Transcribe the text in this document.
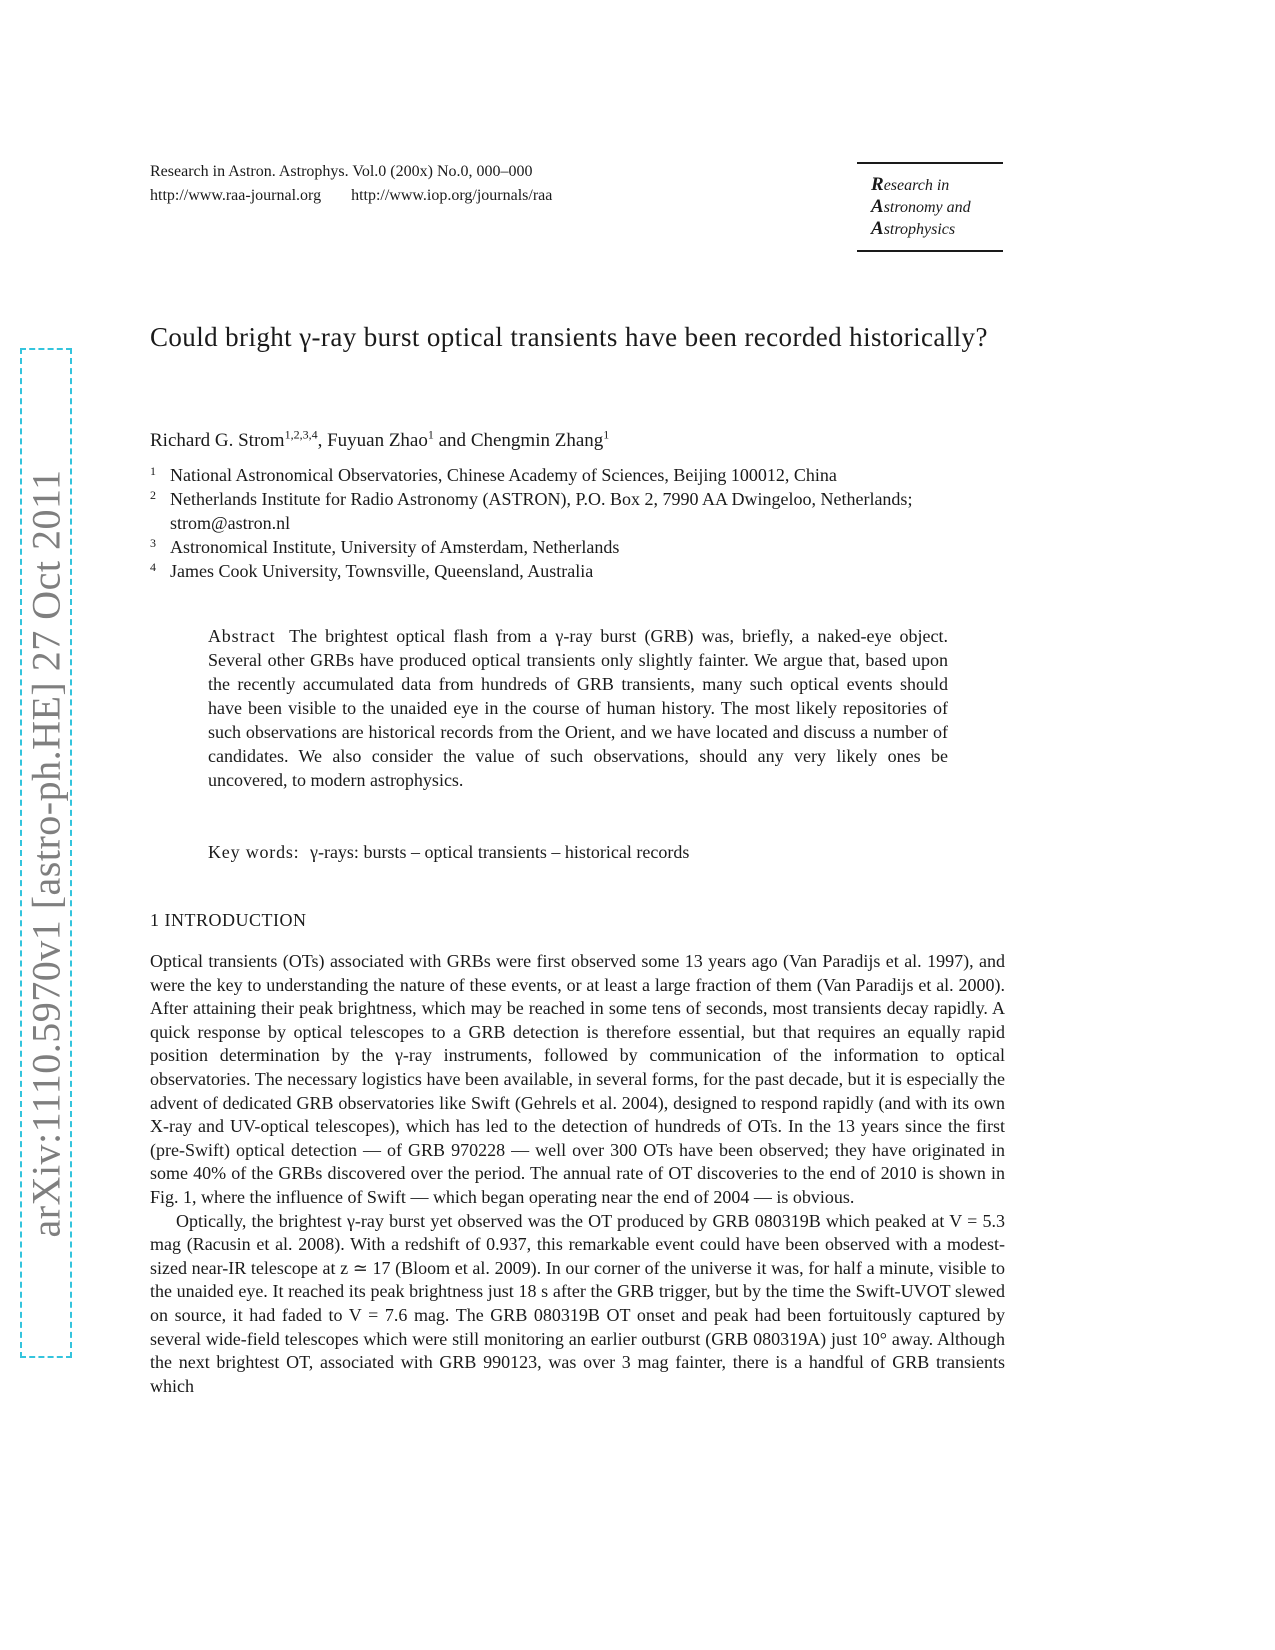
arXiv:1110.5970v1 [astro-ph.HE] 27 Oct 2011
Research in Astron. Astrophys. Vol.0 (200x) No.0, 000–000
http://www.raa-journal.org http://www.iop.org/journals/raa
Research in
Astronomy and
Astrophysics
Could bright γ-ray burst optical transients have been recorded historically?
Richard G. Strom$^{1,2,3,4}$, Fuyuan Zhao$^1$ and Chengmin Zhang$^1$
1 National Astronomical Observatories, Chinese Academy of Sciences, Beijing 100012, China
2 Netherlands Institute for Radio Astronomy (ASTRON), P.O. Box 2, 7990 AA Dwingeloo, Netherlands; strom@astron.nl
3 Astronomical Institute, University of Amsterdam, Netherlands
4 James Cook University, Townsville, Queensland, Australia

Abstract The brightest optical flash from a γ-ray burst (GRB) was, briefly, a naked-eye object. Several other GRBs have produced optical transients only slightly fainter. We argue that, based upon the recently accumulated data from hundreds of GRB transients, many such optical events should have been visible to the unaided eye in the course of human history. The most likely repositories of such observations are historical records from the Orient, and we have located and discuss a number of candidates. We also consider the value of such observations, should any very likely ones be uncovered, to modern astrophysics.

Key words: γ-rays: bursts – optical transients – historical records
1 INTRODUCTION

Optical transients (OTs) associated with GRBs were first observed some 13 years ago (Van Paradijs et al. 1997), and were the key to understanding the nature of these events, or at least a large fraction of them (Van Paradijs et al. 2000). After attaining their peak brightness, which may be reached in some tens of seconds, most transients decay rapidly. A quick response by optical telescopes to a GRB detection is therefore essential, but that requires an equally rapid position determination by the γ-ray instruments, followed by communication of the information to optical observatories. The necessary logistics have been available, in several forms, for the past decade, but it is especially the advent of dedicated GRB observatories like Swift (Gehrels et al. 2004), designed to respond rapidly (and with its own X-ray and UV-optical telescopes), which has led to the detection of hundreds of OTs. In the 13 years since the first (pre-Swift) optical detection — of GRB 970228 — well over 300 OTs have been observed; they have originated in some 40% of the GRBs discovered over the period. The annual rate of OT discoveries to the end of 2010 is shown in Fig. 1, where the influence of Swift — which began operating near the end of 2004 — is obvious.

Optically, the brightest γ-ray burst yet observed was the OT produced by GRB 080319B which peaked at V = 5.3 mag (Racusin et al. 2008). With a redshift of 0.937, this remarkable event could have been observed with a modest-sized near-IR telescope at z ≃ 17 (Bloom et al. 2009). In our corner of the universe it was, for half a minute, visible to the unaided eye. It reached its peak brightness just 18 s after the GRB trigger, but by the time the Swift-UVOT slewed on source, it had faded to V = 7.6 mag. The GRB 080319B OT onset and peak had been fortuitously captured by several wide-field telescopes which were still monitoring an earlier outburst (GRB 080319A) just 10° away. Although the next brightest OT, associated with GRB 990123, was over 3 mag fainter, there is a handful of GRB transients which
